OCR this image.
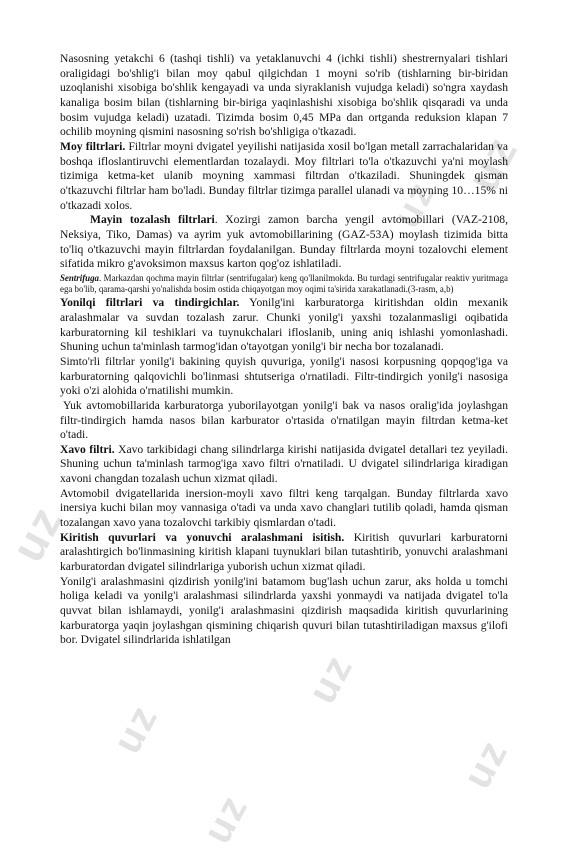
uz
uz
uz
uz
uz
uz
uz

Nasosning yetakchi 6 (tashqi tishli) va yetaklanuvchi 4 (ichki tishli) shestrernyalari tishlari oraligidagi bo'shlig'i bilan moy qabul qilgichdan 1 moyni so'rib (tishlarning bir-biridan uzoqlanishi xisobiga bo'shlik kengayadi va unda siyraklanish vujudga keladi) so'ngra xaydash kanaliga bosim bilan (tishlarning bir-biriga yaqinlashishi xisobiga bo'shlik qisqaradi va unda bosim vujudga keladi) uzatadi. Tizimda bosim 0,45 MPa dan ortganda reduksion klapan 7 ochilib moyning qismini nasosning so'rish bo'shligiga o'tkazadi.

Moy filtrlari. Filtrlar moyni dvigatel yeyilishi natijasida xosil bo'lgan metall zarrachalaridan va boshqa ifloslantiruvchi elementlardan tozalaydi. Moy filtrlari to'la o'tkazuvchi ya'ni moylash tizimiga ketma-ket ulanib moyning xammasi filtrdan o'tkaziladi. Shuningdek qisman o'tkazuvchi filtrlar ham bo'ladi. Bunday filtrlar tizimga parallel ulanadi va moyning 10…15% ni o'tkazadi xolos.

Mayin tozalash filtrlari. Xozirgi zamon barcha yengil avtomobillari (VAZ-2108, Neksiya, Tiko, Damas) va ayrim yuk avtomobillarining (GAZ-53A) moylash tizimida bitta to'liq o'tkazuvchi mayin filtrlardan foydalanilgan. Bunday filtrlarda moyni tozalovchi element sifatida mikro g'avoksimon maxsus karton qog'oz ishlatiladi.

Sentrifuga. Markazdan qochma mayin filtrlar (sentrifugalar) keng qo'llanilmokda. Bu turdagi sentrifugalar reaktiv yuritmaga ega bo'lib, qarama-qarshi yo'nalishda bosim ostida chiqayotgan moy oqimi ta'sirida xarakatlanadi.(3-rasm, a,b)

Yonilqi filtrlari va tindirgichlar. Yonilg'ini karburatorga kiritishdan oldin mexanik aralashmalar va suvdan tozalash zarur. Chunki yonilg'i yaxshi tozalanmasligi oqibatida karburatorning kil teshiklari va tuynukchalari ifloslanib, uning aniq ishlashi yomonlashadi. Shuning uchun ta'minlash tarmog'idan o'tayotgan yonilg'i bir necha bor tozalanadi.

Simto'rli filtrlar yonilg'i bakining quyish quvuriga, yonilg'i nasosi korpusning qopqog'iga va karburatorning qalqovichli bo'linmasi shtutseriga o'rnatiladi. Filtr-tindirgich yonilg'i nasosiga yoki o'zi alohida o'rnatilishi mumkin.

Yuk avtomobillarida karburatorga yuborilayotgan yonilg'i bak va nasos oralig'ida joylashgan filtr-tindirgich hamda nasos bilan karburator o'rtasida o'rnatilgan mayin filtrdan ketma-ket o'tadi.

Xavo filtri. Xavo tarkibidagi chang silindrlarga kirishi natijasida dvigatel detallari tez yeyiladi. Shuning uchun ta'minlash tarmog'iga xavo filtri o'rnatiladi. U dvigatel silindrlariga kiradigan xavoni changdan tozalash uchun xizmat qiladi.

Avtomobil dvigatellarida inersion-moyli xavo filtri keng tarqalgan. Bunday filtrlarda xavo inersiya kuchi bilan moy vannasiga o'tadi va unda xavo changlari tutilib qoladi, hamda qisman tozalangan xavo yana tozalovchi tarkibiy qismlardan o'tadi.

Kiritish quvurlari va yonuvchi aralashmani isitish. Kiritish quvurlari karburatorni aralashtirgich bo'linmasining kiritish klapani tuynuklari bilan tutashtirib, yonuvchi aralashmani karburatordan dvigatel silindrlariga yuborish uchun xizmat qiladi.

Yonilg'i aralashmasini qizdirish yonilg'ini batamom bug'lash uchun zarur, aks holda u tomchi holiga keladi va yonilg'i aralashmasi silindrlarda yaxshi yonmaydi va natijada dvigatel to'la quvvat bilan ishlamaydi, yonilg'i aralashmasini qizdirish maqsadida kiritish quvurlarining karburatorga yaqin joylashgan qismining chiqarish quvuri bilan tutashtiriladigan maxsus g'ilofi bor. Dvigatel silindrlarida ishlatilgan
